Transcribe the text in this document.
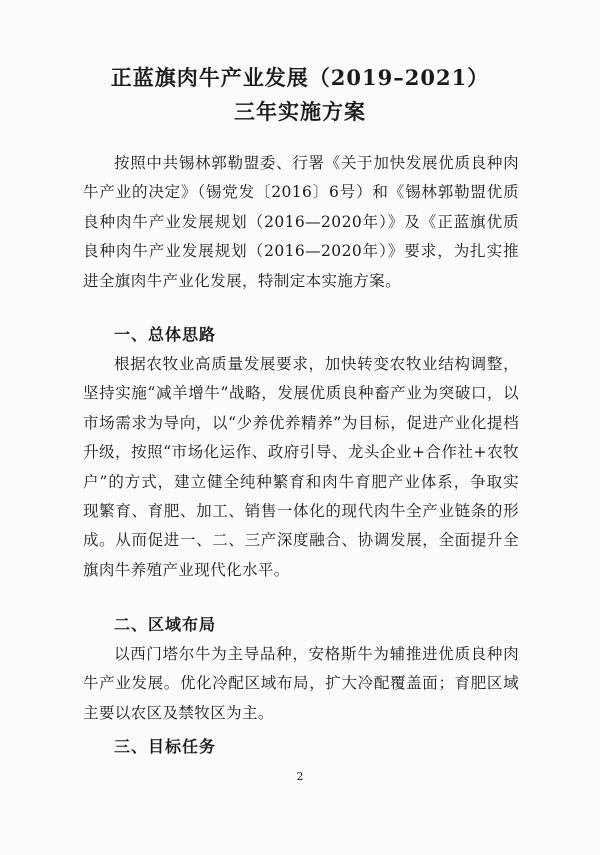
正蓝旗肉牛产业发展（2019–2021）
三年实施方案
按照中共锡林郭勒盟委、行署《关于加快发展优质良种肉牛产业的决定》（锡党发〔2016〕6号）和《锡林郭勒盟优质良种肉牛产业发展规划（2016—2020年）》及《正蓝旗优质良种肉牛产业发展规划（2016—2020年）》要求，为扎实推进全旗肉牛产业化发展，特制定本实施方案。
一、总体思路
根据农牧业高质量发展要求，加快转变农牧业结构调整，坚持实施“减羊增牛”战略，发展优质良种畜产业为突破口，以市场需求为导向，以“少养优养精养”为目标，促进产业化提档升级，按照“市场化运作、政府引导、龙头企业+合作社+农牧户”的方式，建立健全纯种繁育和肉牛育肥产业体系，争取实现繁育、育肥、加工、销售一体化的现代肉牛全产业链条的形成。从而促进一、二、三产深度融合、协调发展，全面提升全旗肉牛养殖产业现代化水平。
二、区域布局
以西门塔尔牛为主导品种，安格斯牛为辅推进优质良种肉牛产业发展。优化冷配区域布局，扩大冷配覆盖面；育肥区域主要以农区及禁牧区为主。
三、目标任务
2
